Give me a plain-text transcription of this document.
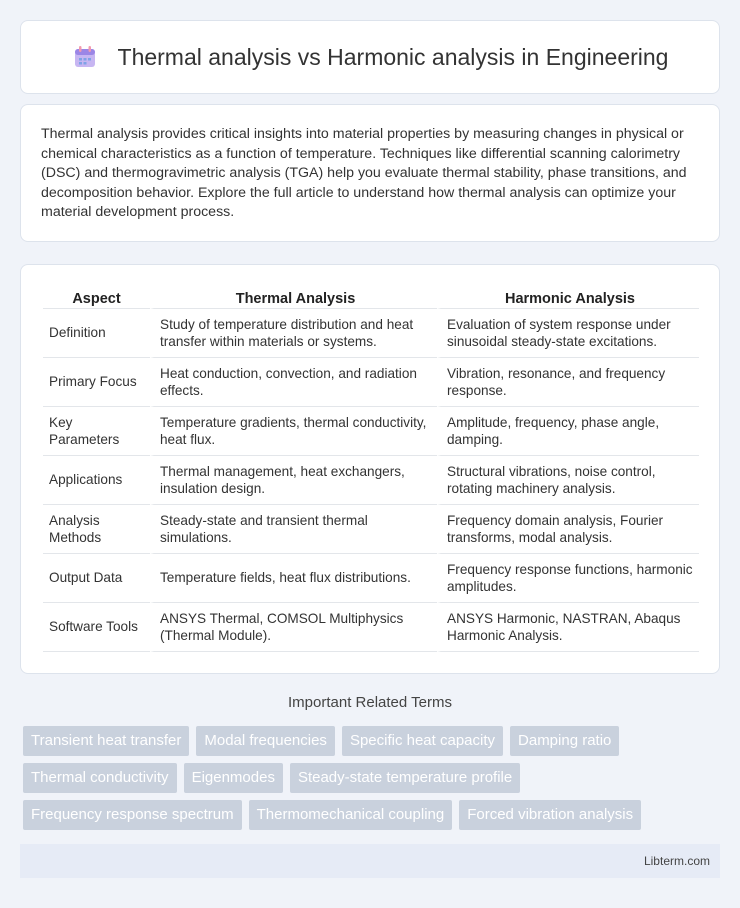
Thermal analysis vs Harmonic analysis in Engineering

Thermal analysis provides critical insights into material properties by measuring changes in physical or chemical characteristics as a function of temperature. Techniques like differential scanning calorimetry (DSC) and thermogravimetric analysis (TGA) help you evaluate thermal stability, phase transitions, and decomposition behavior. Explore the full article to understand how thermal analysis can optimize your material development process.

Aspect	Thermal Analysis	Harmonic Analysis
Definition	Study of temperature distribution and heat transfer within materials or systems.	Evaluation of system response under sinusoidal steady-state excitations.
Primary Focus	Heat conduction, convection, and radiation effects.	Vibration, resonance, and frequency response.
Key Parameters	Temperature gradients, thermal conductivity, heat flux.	Amplitude, frequency, phase angle, damping.
Applications	Thermal management, heat exchangers, insulation design.	Structural vibrations, noise control, rotating machinery analysis.
Analysis Methods	Steady-state and transient thermal simulations.	Frequency domain analysis, Fourier transforms, modal analysis.
Output Data	Temperature fields, heat flux distributions.	Frequency response functions, harmonic amplitudes.
Software Tools	ANSYS Thermal, COMSOL Multiphysics (Thermal Module).	ANSYS Harmonic, NASTRAN, Abaqus Harmonic Analysis.
Important Related Terms
Transient heat transfer	Modal frequencies	Specific heat capacity	Damping ratio
Thermal conductivity	Eigenmodes	Steady-state temperature profile
Frequency response spectrum	Thermomechanical coupling	Forced vibration analysis
Libterm.com
